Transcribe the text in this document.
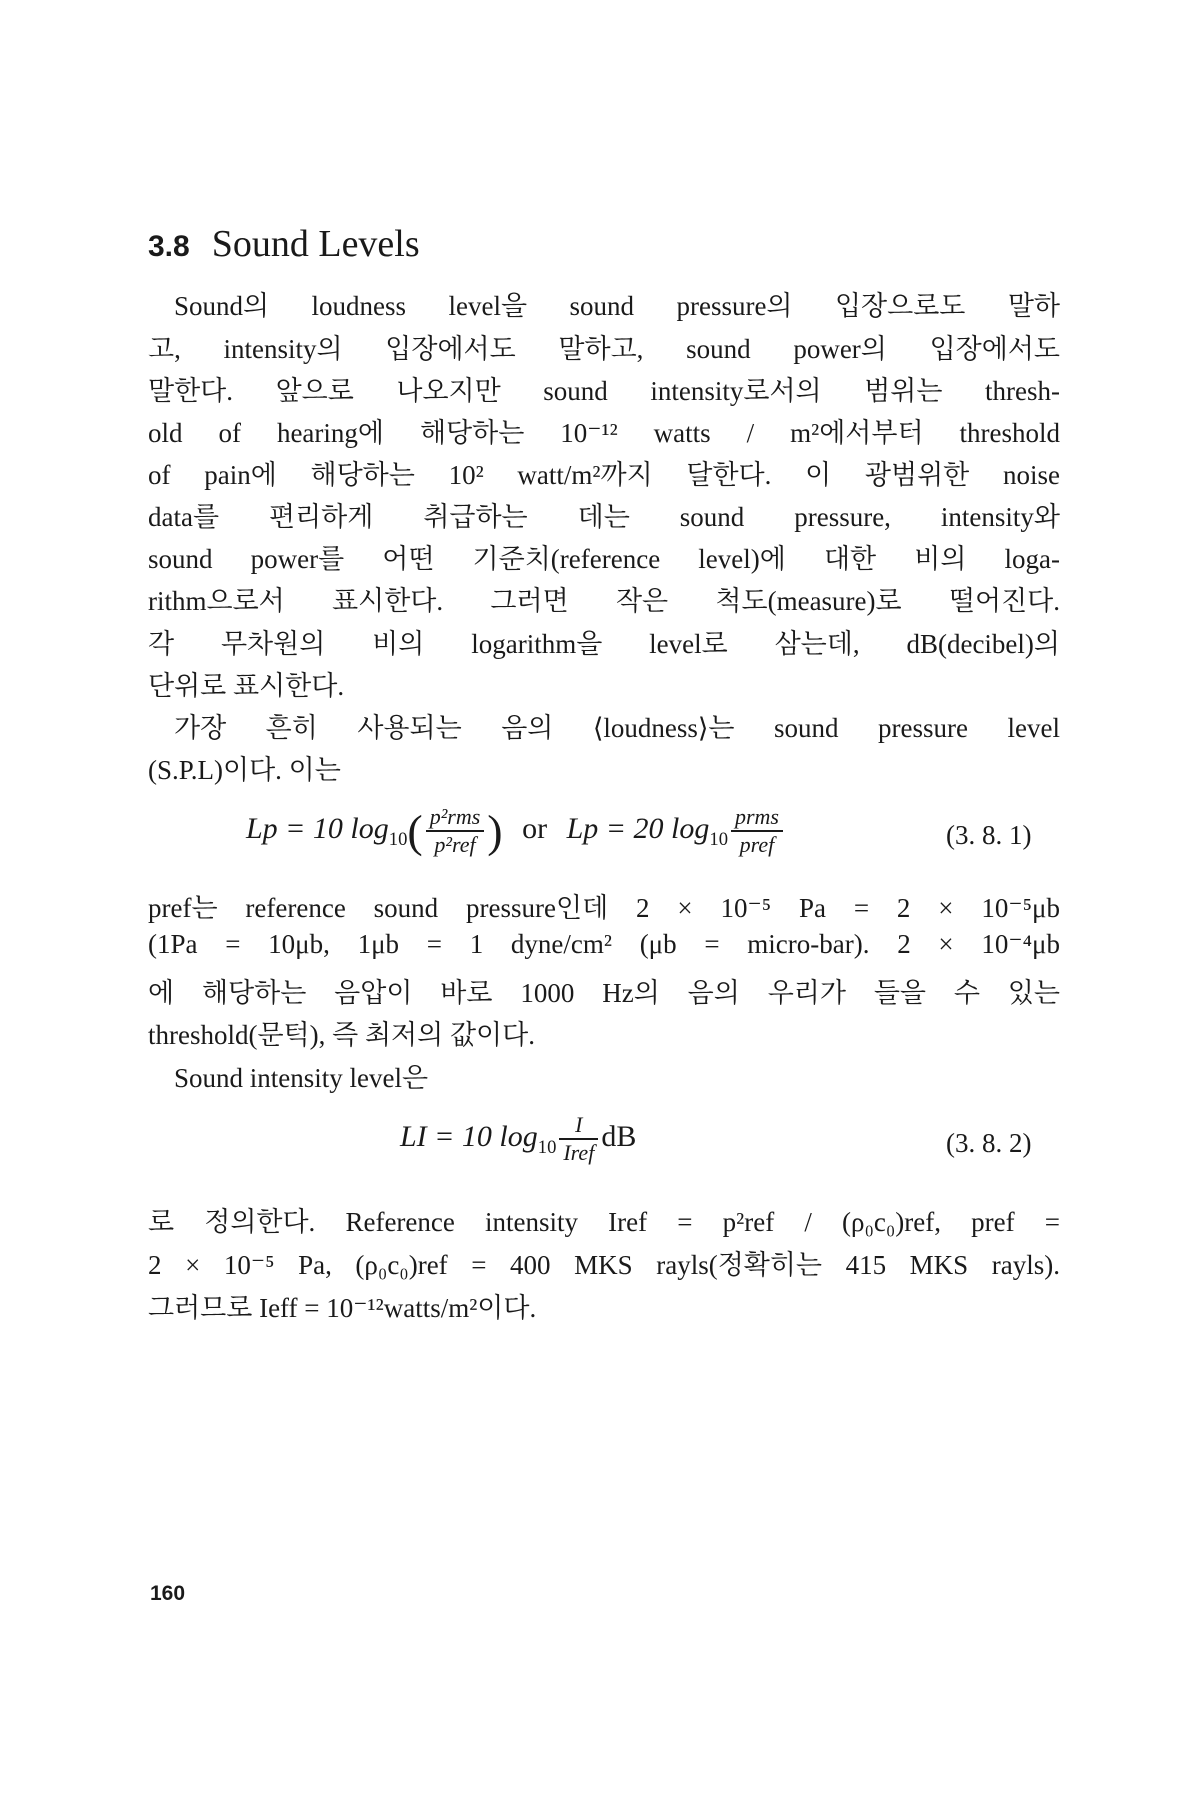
3.8 Sound Levels
Sound의 loudness level을 sound pressure의 입장으로도 말하
고, intensity의 입장에서도 말하고, sound power의 입장에서도
말한다. 앞으로 나오지만 sound intensity로서의 범위는 thresh-
old of hearing에 해당하는 10⁻¹² watts / m²에서부터 threshold
of pain에 해당하는 10² watt/m²까지 달한다. 이 광범위한 noise
data를 편리하게 취급하는 데는 sound pressure, intensity와
sound power를 어떤 기준치(reference level)에 대한 비의 loga-
rithm으로서 표시한다. 그러면 작은 척도(measure)로 떨어진다.
각 무차원의 비의 logarithm을 level로 삼는데, dB(decibel)의
단위로 표시한다.
가장 흔히 사용되는 음의 ⟨loudness⟩는 sound pressure level
(S.P.L)이다. 이는
Lp = 10 $\log_{10}( \frac{\text{p²rms}}{\text{p²ref}}$ ) or Lp = 20 $\log_{10} \frac{\text{prms}}{\text{pref}}$	(3. 8. 1)
pref는 reference sound pressure인데 2 × 10⁻⁵ Pa = 2 × 10⁻⁵μb
(1Pa = 10μb, 1μb = 1 dyne/cm² (μb = micro-bar). 2 × 10⁻⁴μb
에 해당하는 음압이 바로 1000 Hz의 음의 우리가 들을 수 있는
threshold(문턱), 즉 최저의 값이다.
Sound intensity level은
LI = 10 $\log_{10} \frac{I}{\text{Iref}}$ dB	(3. 8. 2)
로 정의한다. Reference intensity Iref = p²ref / (ρ₀c₀)ref, pref =
2 × 10⁻⁵ Pa, (ρ₀c₀)ref = 400 MKS rayls(정확히는 415 MKS rayls).
그러므로 Ieff = 10⁻¹²watts/m²이다.
160
